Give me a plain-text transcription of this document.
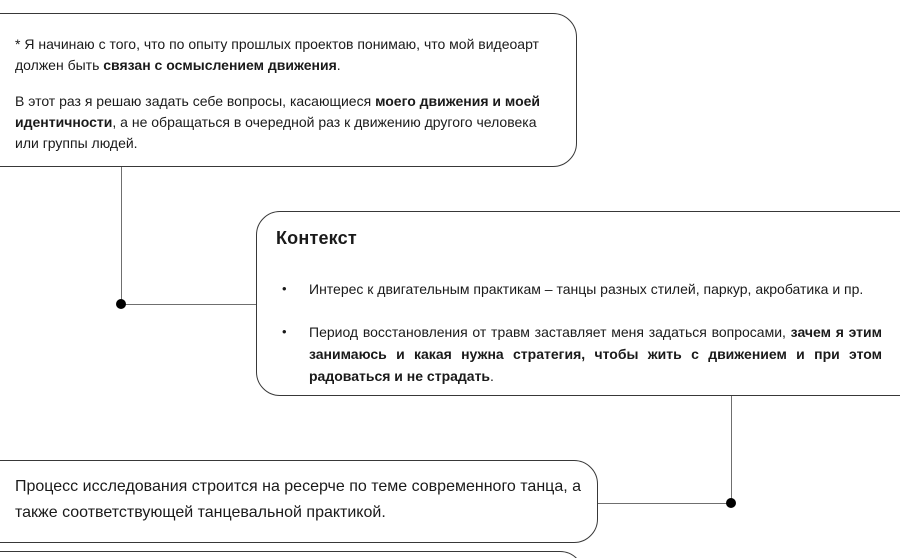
* Я начинаю с того, что по опыту прошлых проектов понимаю, что мой видеоарт должен быть связан с осмыслением движения.

В этот раз я решаю задать себе вопросы, касающиеся моего движения и моей идентичности, а не обращаться в очередной раз к движению другого человека или группы людей.

Контекст
•	Интерес к двигательным практикам – танцы разных стилей, паркур, акробатика и пр.
•	Период восстановления от травм заставляет меня задаться вопросами, зачем я этим занимаюсь и какая нужна стратегия, чтобы жить с движением и при этом радоваться и не страдать.

Процесс исследования строится на ресерче по теме современного танца, а также соответствующей танцевальной практикой.
